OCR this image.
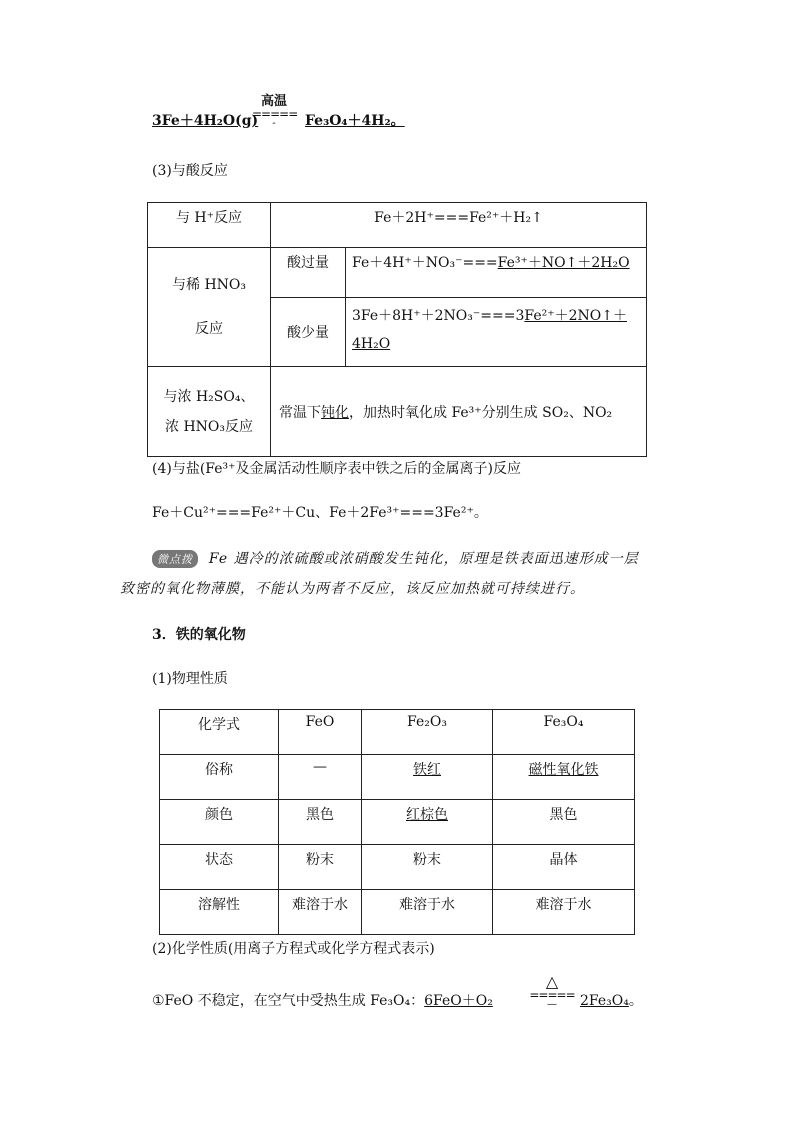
3Fe＋4H₂O(g)
高温
=====
-	Fe₃O₄＋4H₂。
(3)与酸反应
与 H⁺反应	Fe＋2H⁺===Fe²⁺＋H₂↑	

与稀 HNO₃
反应	酸过量	Fe＋4H⁺＋NO₃⁻===Fe³⁺＋NO↑＋2H₂O
	酸少量	3Fe＋8H⁺＋2NO₃⁻===3Fe²⁺＋2NO↑＋
4H₂O

与浓 H₂SO₄、
浓 HNO₃反应	常温下钝化，加热时氧化成 Fe³⁺分别生成 SO₂、NO₂	
(4)与盐(Fe³⁺及金属活动性顺序表中铁之后的金属离子)反应
Fe＋Cu²⁺===Fe²⁺＋Cu、Fe＋2Fe³⁺===3Fe²⁺。
微点拨 Fe 遇冷的浓硫酸或浓硝酸发生钝化，原理是铁表面迅速形成一层
致密的氧化物薄膜，不能认为两者不反应，该反应加热就可持续进行。
3．铁的氧化物
(1)物理性质
化学式	FeO	Fe₂O₃	Fe₃O₄
俗称	—	铁红	磁性氧化铁
颜色	黑色	红棕色	黑色
状态	粉末	粉末	晶体
溶解性	难溶于水	难溶于水	难溶于水
(2)化学性质(用离子方程式或化学方程式表示)
①FeO 不稳定，在空气中受热生成 Fe₃O₄：6FeO＋O₂
△
=====
—	2Fe₃O₄。
